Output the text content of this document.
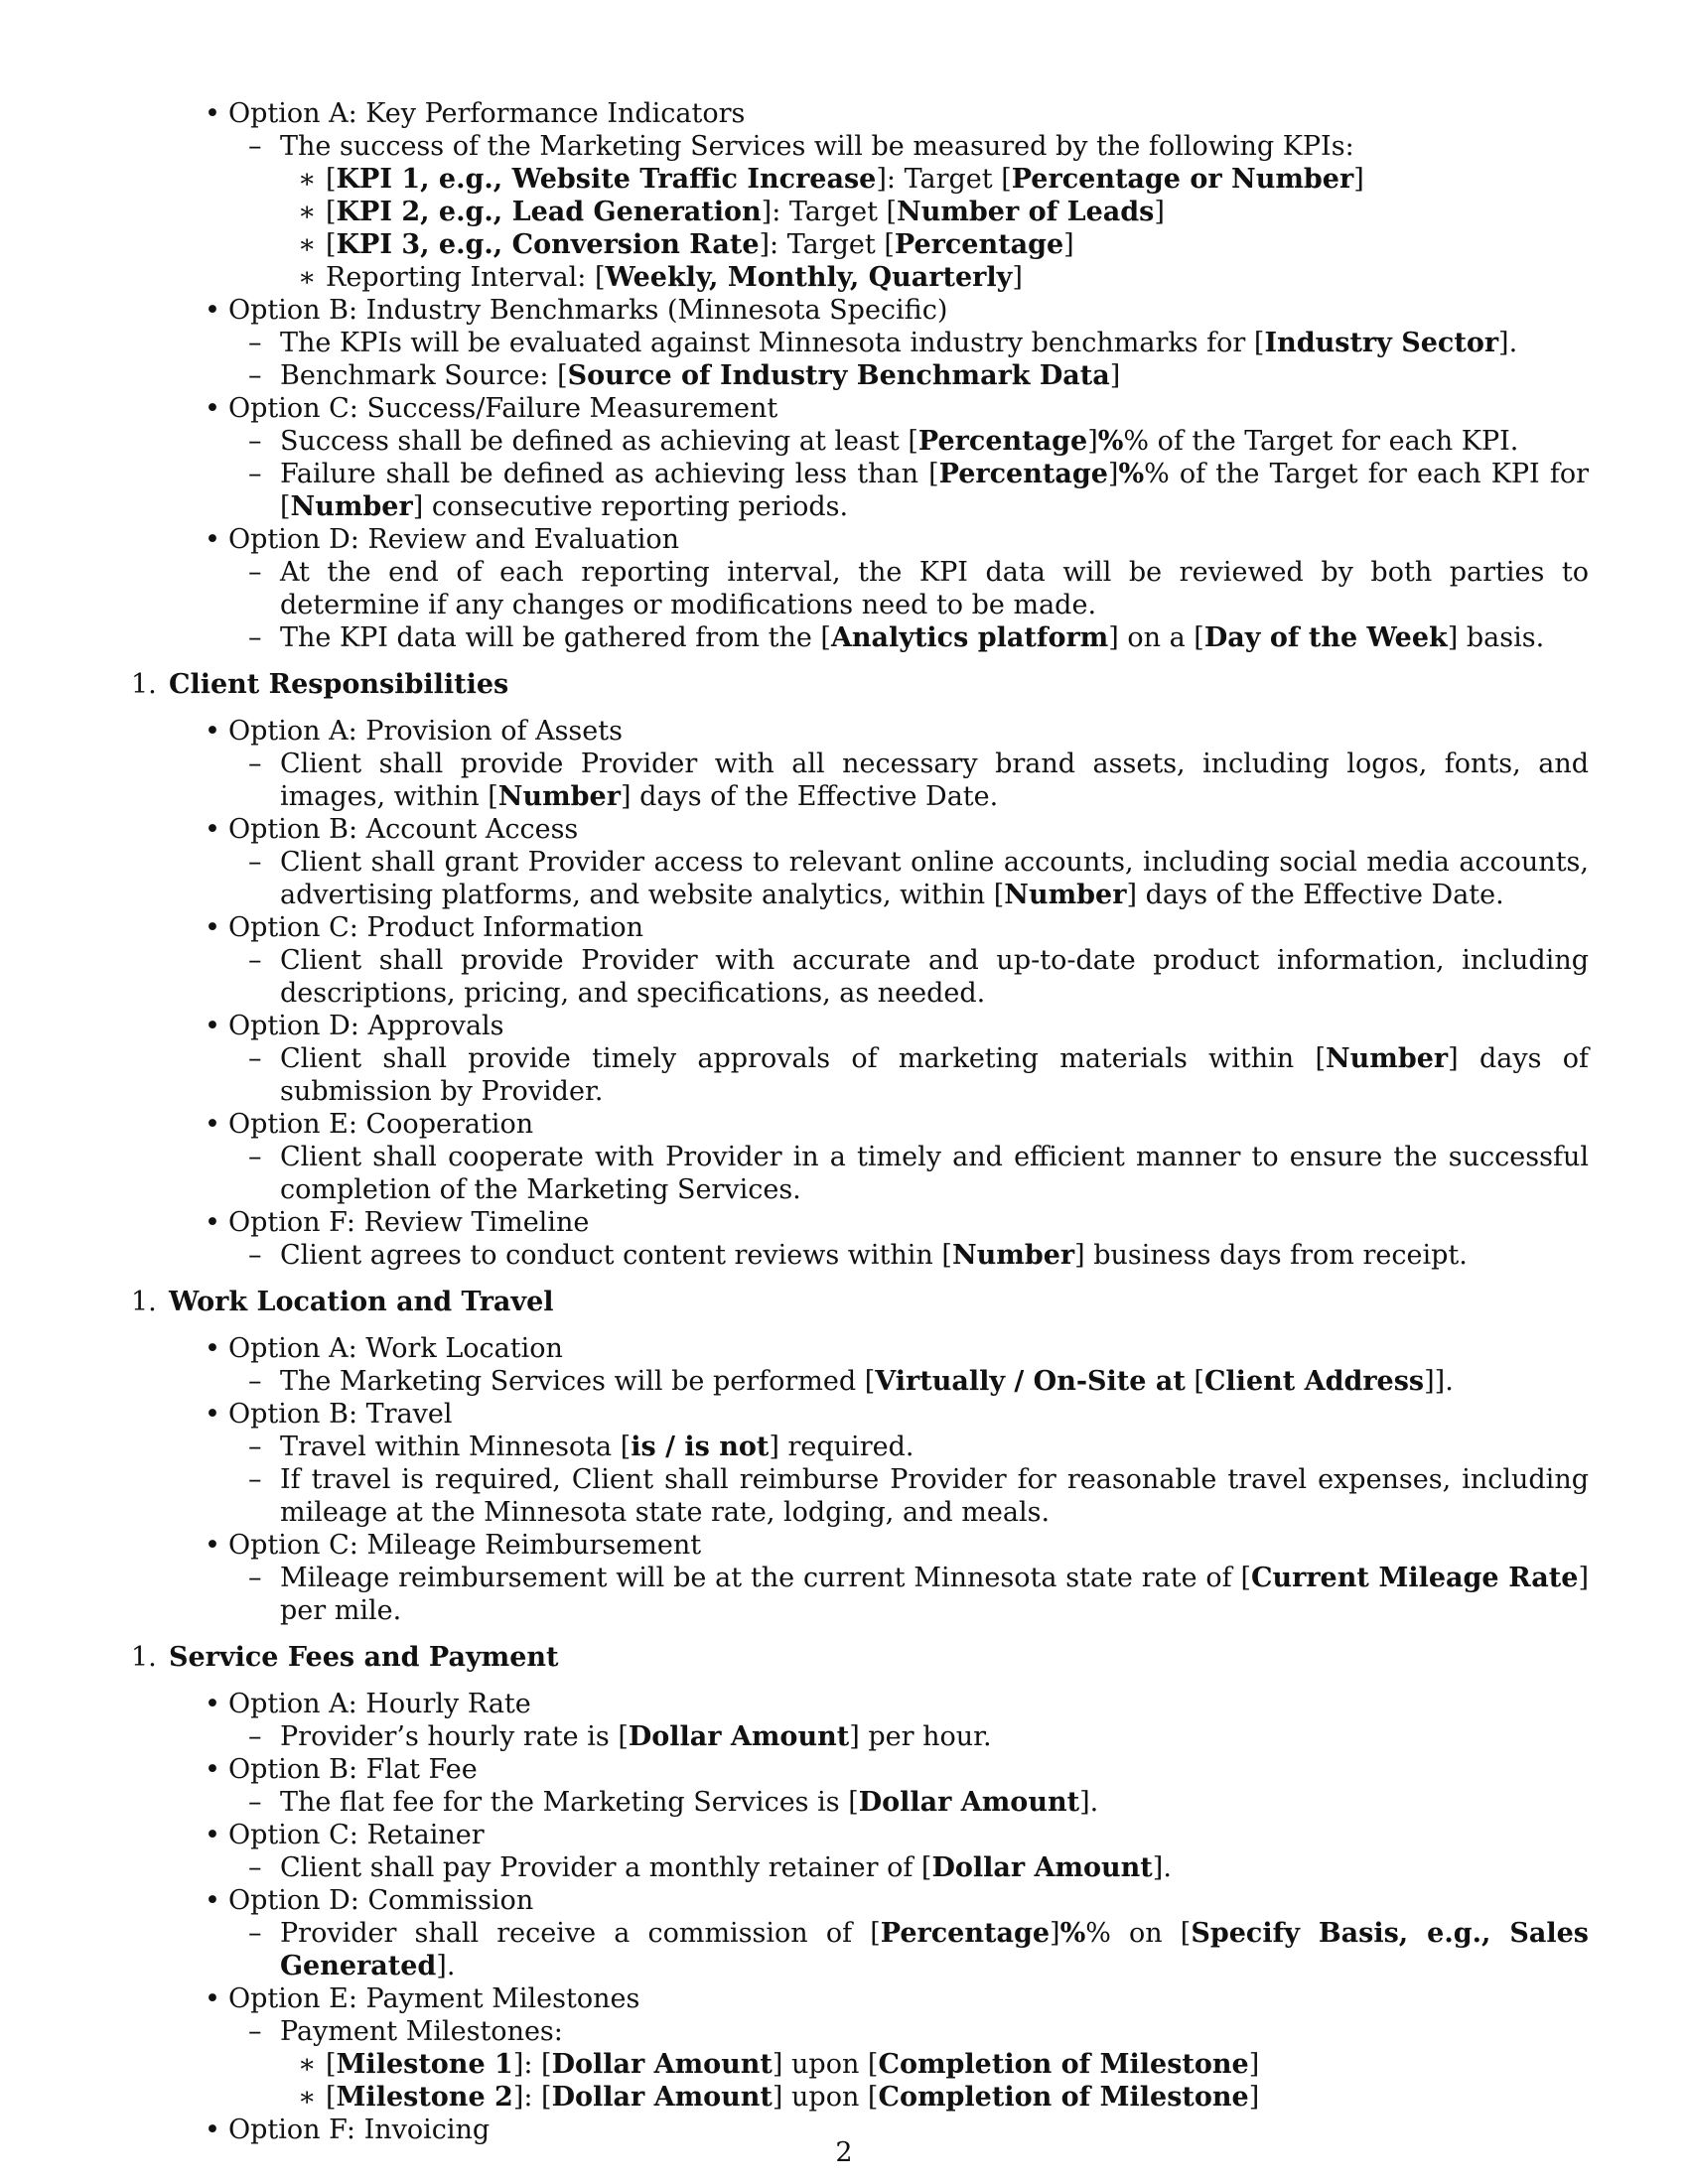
• Option A: Key Performance Indicators
– The success of the Marketing Services will be measured by the following KPIs:
∗ [KPI 1, e.g., Website Traffic Increase]: Target [Percentage or Number]
∗ [KPI 2, e.g., Lead Generation]: Target [Number of Leads]
∗ [KPI 3, e.g., Conversion Rate]: Target [Percentage]
∗ Reporting Interval: [Weekly, Monthly, Quarterly]
• Option B: Industry Benchmarks (Minnesota Specific)
– The KPIs will be evaluated against Minnesota industry benchmarks for [Industry Sector].
– Benchmark Source: [Source of Industry Benchmark Data]
• Option C: Success/Failure Measurement
– Success shall be defined as achieving at least [Percentage]%% of the Target for each KPI.
– Failure shall be defined as achieving less than [Percentage]%% of the Target for each KPI for [Number] consecutive reporting periods.
• Option D: Review and Evaluation
– At the end of each reporting interval, the KPI data will be reviewed by both parties to determine if any changes or modifications need to be made.
– The KPI data will be gathered from the [Analytics platform] on a [Day of the Week] basis.
1. Client Responsibilities
• Option A: Provision of Assets
– Client shall provide Provider with all necessary brand assets, including logos, fonts, and images, within [Number] days of the Effective Date.
• Option B: Account Access
– Client shall grant Provider access to relevant online accounts, including social media accounts, advertising platforms, and website analytics, within [Number] days of the Effective Date.
• Option C: Product Information
– Client shall provide Provider with accurate and up-to-date product information, including descriptions, pricing, and specifications, as needed.
• Option D: Approvals
– Client shall provide timely approvals of marketing materials within [Number] days of submission by Provider.
• Option E: Cooperation
– Client shall cooperate with Provider in a timely and efficient manner to ensure the successful completion of the Marketing Services.
• Option F: Review Timeline
– Client agrees to conduct content reviews within [Number] business days from receipt.
1. Work Location and Travel
• Option A: Work Location
– The Marketing Services will be performed [Virtually / On-Site at [Client Address]].
• Option B: Travel
– Travel within Minnesota [is / is not] required.
– If travel is required, Client shall reimburse Provider for reasonable travel expenses, including mileage at the Minnesota state rate, lodging, and meals.
• Option C: Mileage Reimbursement
– Mileage reimbursement will be at the current Minnesota state rate of [Current Mileage Rate] per mile.
1. Service Fees and Payment
• Option A: Hourly Rate
– Provider’s hourly rate is [Dollar Amount] per hour.
• Option B: Flat Fee
– The flat fee for the Marketing Services is [Dollar Amount].
• Option C: Retainer
– Client shall pay Provider a monthly retainer of [Dollar Amount].
• Option D: Commission
– Provider shall receive a commission of [Percentage]%% on [Specify Basis, e.g., Sales Generated].
• Option E: Payment Milestones
– Payment Milestones:
∗ [Milestone 1]: [Dollar Amount] upon [Completion of Milestone]
∗ [Milestone 2]: [Dollar Amount] upon [Completion of Milestone]
• Option F: Invoicing
2
